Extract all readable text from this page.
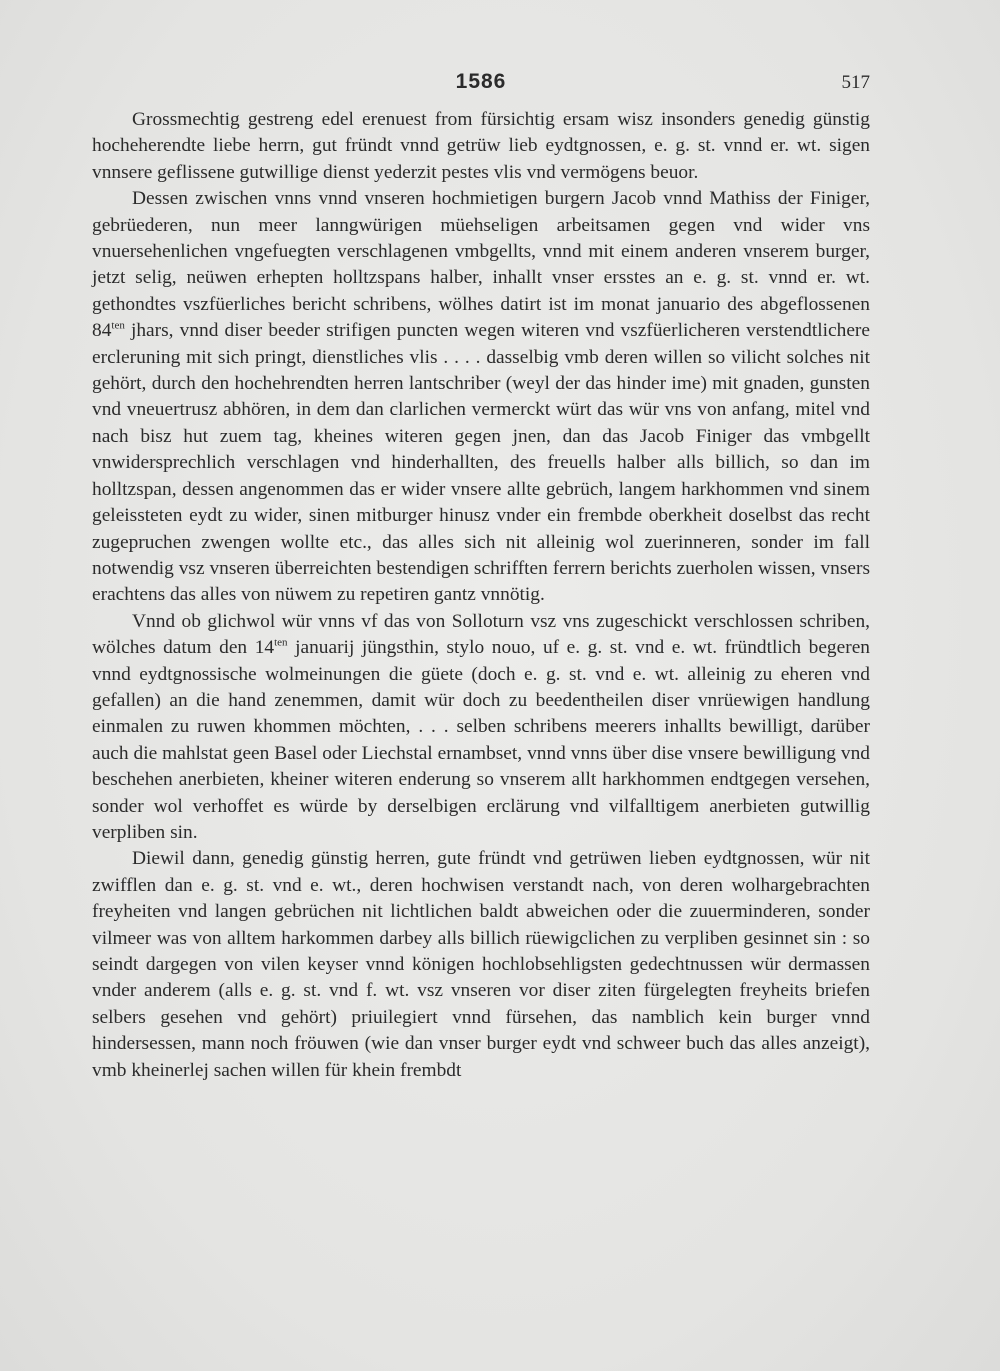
1586	517

Grossmechtig gestreng edel erenuest from fürsichtig ersam wisz insonders genedig günstig hocheherendte liebe herrn, gut fründt vnnd getrüw lieb eydtgnossen, e. g. st. vnnd er. wt. sigen vnnsere geflissene gutwillige dienst yederzit pestes vlis vnd vermögens beuor.

Dessen zwischen vnns vnnd vnseren hochmietigen burgern Jacob vnnd Mathiss der Finiger, gebrüederen, nun meer lanngwürigen müehseligen arbeitsamen gegen vnd wider vns vnuersehenlichen vngefuegten verschlagenen vmbgellts, vnnd mit einem anderen vnserem burger, jetzt selig, neüwen erhepten holltzspans halber, inhallt vnser ersstes an e. g. st. vnnd er. wt. gethondtes vszfüerliches bericht schribens, wölhes datirt ist im monat januario des abgeflossenen $84^{ten}$ jhars, vnnd diser beeder strifigen puncten wegen witeren vnd vszfüerlicheren verstendtlichere ercleruning mit sich pringt, dienstliches vlis . . . . dasselbig vmb deren willen so vilicht solches nit gehört, durch den hochehrendten herren lantschriber (weyl der das hinder ime) mit gnaden, gunsten vnd vneuertrusz abhören, in dem dan clarlichen vermerckt würt das wür vns von anfang, mitel vnd nach bisz hut zuem tag, kheines witeren gegen jnen, dan das Jacob Finiger das vmbgellt vnwidersprechlich verschlagen vnd hinderhallten, des freuells halber alls billich, so dan im holltzspan, dessen angenommen das er wider vnsere allte gebrüch, langem harkhommen vnd sinem geleissteten eydt zu wider, sinen mitburger hinusz vnder ein frembde oberkheit doselbst das recht zugepruchen zwengen wollte etc., das alles sich nit alleinig wol zuerinneren, sonder im fall notwendig vsz vnseren überreichten bestendigen schrifften ferrern berichts zuerholen wissen, vnsers erachtens das alles von nüwem zu repetiren gantz vnnötig.

Vnnd ob glichwol wür vnns vf das von Solloturn vsz vns zugeschickt verschlossen schriben, wölches datum den $14^{ten}$ januarij jüngsthin, stylo nouo, uf e. g. st. vnd e. wt. fründtlich begeren vnnd eydtgnossische wolmeinungen die güete (doch e. g. st. vnd e. wt. alleinig zu eheren vnd gefallen) an die hand zenemmen, damit wür doch zu beedentheilen diser vnrüewigen handlung einmalen zu ruwen khommen möchten, . . . selben schribens meerers inhallts bewilligt, darüber auch die mahlstat geen Basel oder Liechstal ernambset, vnnd vnns über dise vnsere bewilligung vnd beschehen anerbieten, kheiner witeren enderung so vnserem allt harkhommen endtgegen versehen, sonder wol verhoffet es würde by derselbigen erclärung vnd vilfalltigem anerbieten gutwillig verpliben sin.

Diewil dann, genedig günstig herren, gute fründt vnd getrüwen lieben eydtgnossen, wür nit zwifflen dan e. g. st. vnd e. wt., deren hochwisen verstandt nach, von deren wolhargebrachten freyheiten vnd langen gebrüchen nit lichtlichen baldt abweichen oder die zuuerminderen, sonder vilmeer was von alltem harkommen darbey alls billich rüewigclichen zu verpliben gesinnet sin : so seindt dargegen von vilen keyser vnnd königen hochlobsehligsten gedechtnussen wür dermassen vnder anderem (alls e. g. st. vnd f. wt. vsz vnseren vor diser ziten fürgelegten freyheits briefen selbers gesehen vnd gehört) priuilegiert vnnd fürsehen, das namblich kein burger vnnd hindersessen, mann noch fröuwen (wie dan vnser burger eydt vnd schweer buch das alles anzeigt), vmb kheinerlej sachen willen für khein frembdt
